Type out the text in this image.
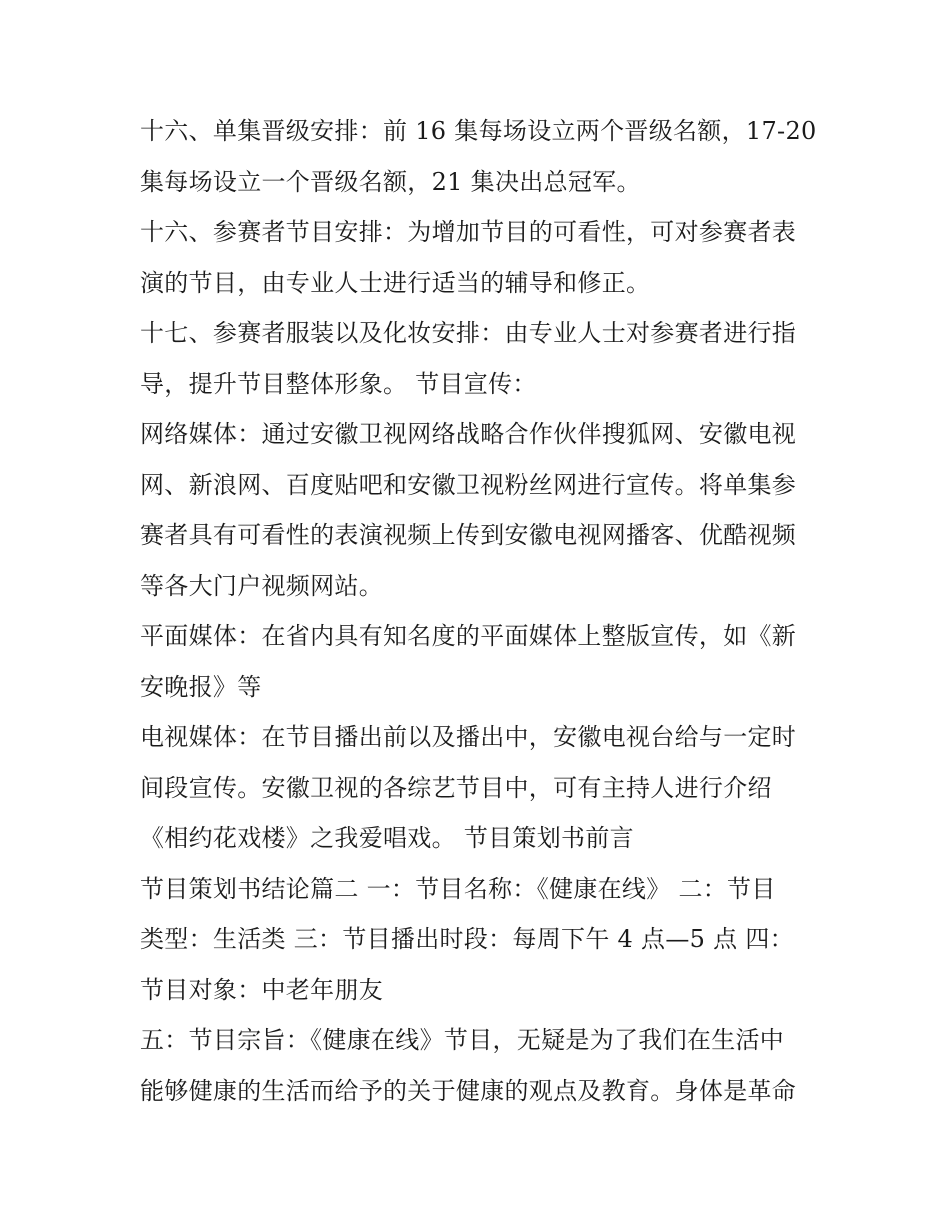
十六、单集晋级安排：前 16 集每场设立两个晋级名额，17-20
集每场设立一个晋级名额，21 集决出总冠军。
十六、参赛者节目安排：为增加节目的可看性，可对参赛者表
演的节目，由专业人士进行适当的辅导和修正。
十七、参赛者服装以及化妆安排：由专业人士对参赛者进行指
导，提升节目整体形象。 节目宣传：
网络媒体：通过安徽卫视网络战略合作伙伴搜狐网、安徽电视
网、新浪网、百度贴吧和安徽卫视粉丝网进行宣传。将单集参
赛者具有可看性的表演视频上传到安徽电视网播客、优酷视频
等各大门户视频网站。
平面媒体：在省内具有知名度的平面媒体上整版宣传，如《新
安晚报》等
电视媒体：在节目播出前以及播出中，安徽电视台给与一定时
间段宣传。安徽卫视的各综艺节目中，可有主持人进行介绍
《相约花戏楼》之我爱唱戏。 节目策划书前言
节目策划书结论篇二 一：节目名称：《健康在线》 二：节目
类型：生活类 三：节目播出时段：每周下午 4 点—5 点 四：
节目对象：中老年朋友
五：节目宗旨：《健康在线》节目，无疑是为了我们在生活中
能够健康的生活而给予的关于健康的观点及教育。身体是革命
